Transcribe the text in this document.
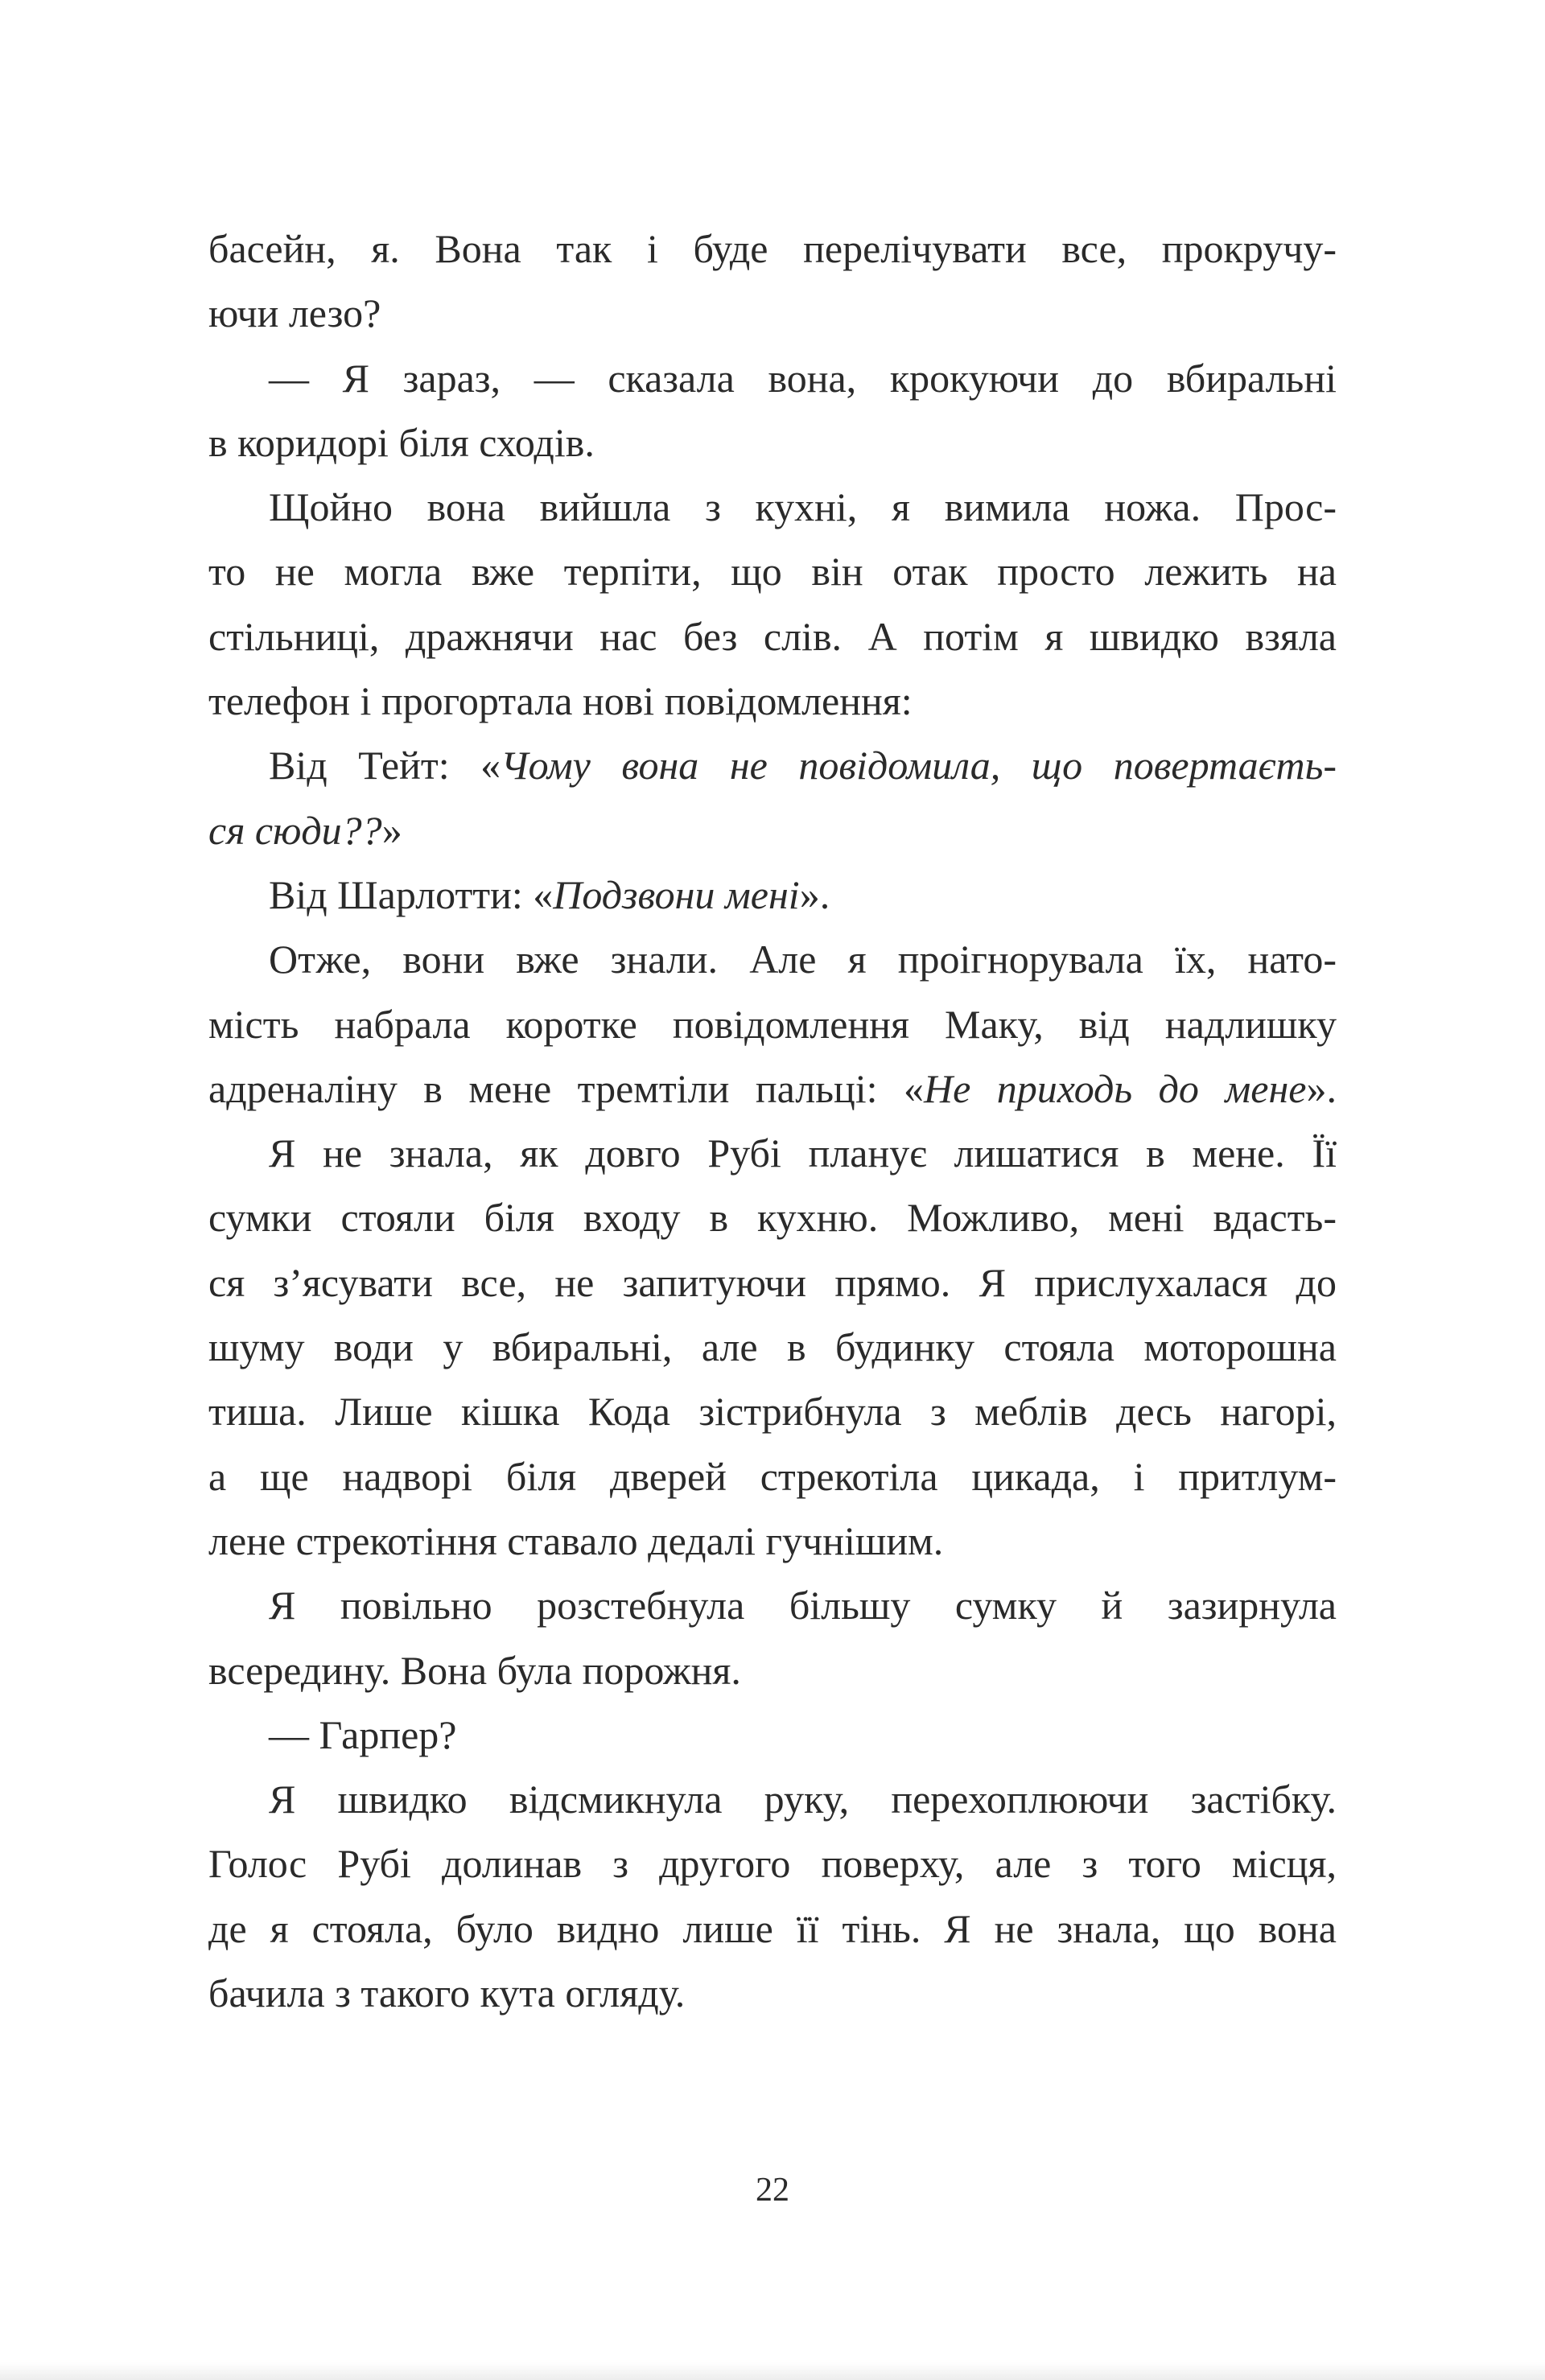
басейн, я. Вона так і буде перелічувати все, прокручу-
ючи лезо?
— Я зараз, — сказала вона, крокуючи до вбиральні
в коридорі біля сходів.
Щойно вона вийшла з кухні, я вимила ножа. Прос-
то не могла вже терпіти, що він отак просто лежить на
стільниці, дражнячи нас без слів. А потім я швидко взяла
телефон і прогортала нові повідомлення:
Від Тейт: «Чому вона не повідомила, що повертаєть-
ся сюди??»
Від Шарлотти: «Подзвони мені».
Отже, вони вже знали. Але я проігнорувала їх, нато-
мість набрала коротке повідомлення Маку, від надлишку
адреналіну в мене тремтіли пальці: «Не приходь до мене».
Я не знала, як довго Рубі планує лишатися в мене. Її
сумки стояли біля входу в кухню. Можливо, мені вдасть-
ся з’ясувати все, не запитуючи прямо. Я прислухалася до
шуму води у вбиральні, але в будинку стояла моторошна
тиша. Лише кішка Кода зістрибнула з меблів десь нагорі,
а ще надворі біля дверей стрекотіла цикада, і притлум-
лене стрекотіння ставало дедалі гучнішим.
Я повільно розстебнула більшу сумку й зазирнула
всередину. Вона була порожня.
— Гарпер?
Я швидко відсмикнула руку, перехоплюючи застібку.
Голос Рубі долинав з другого поверху, але з того місця,
де я стояла, було видно лише її тінь. Я не знала, що вона
бачила з такого кута огляду.
22
